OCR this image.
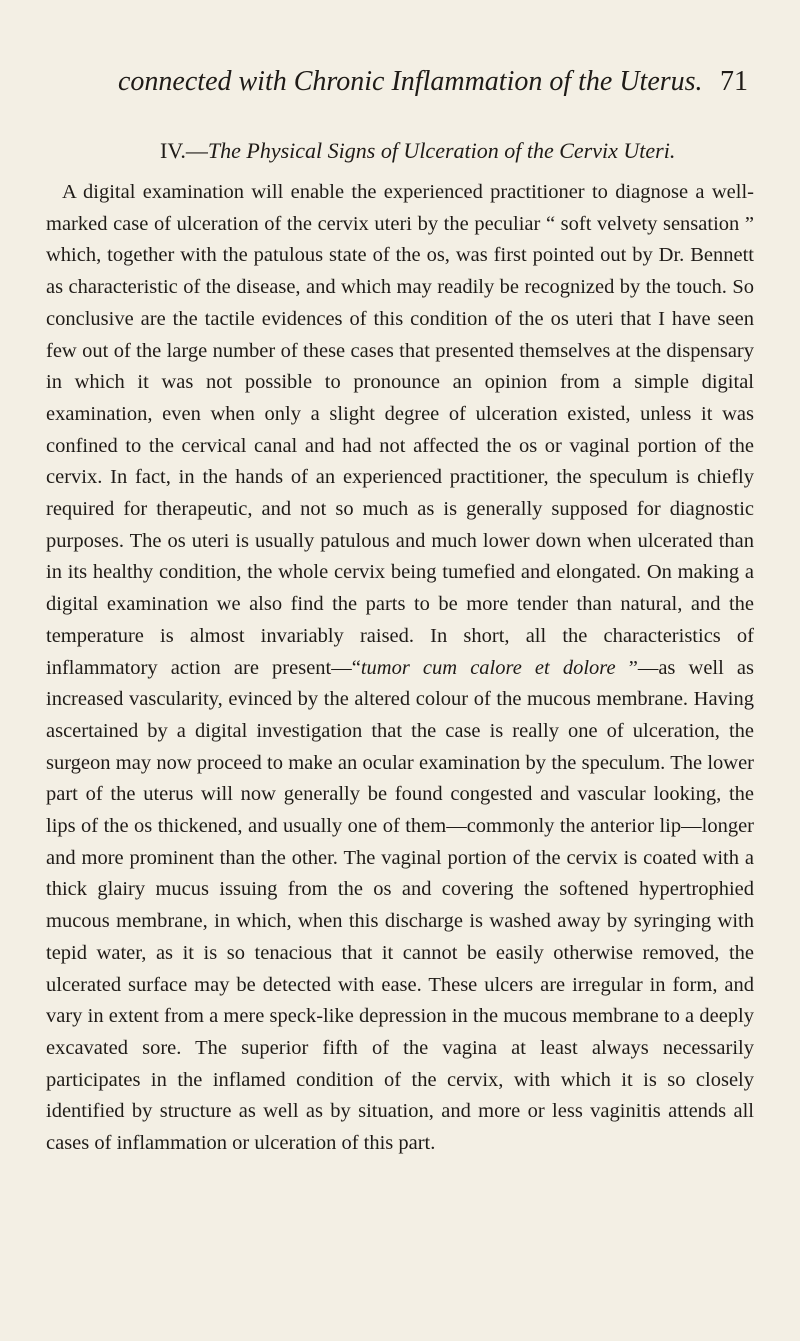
connected with Chronic Inflammation of the Uterus. 71
IV.—The Physical Signs of Ulceration of the Cervix Uteri.

A digital examination will enable the experienced practitioner to diagnose a well-marked case of ulceration of the cervix uteri by the peculiar “ soft velvety sensation ” which, together with the patulous state of the os, was first pointed out by Dr. Bennett as characteristic of the disease, and which may readily be recognized by the touch. So conclusive are the tactile evidences of this condition of the os uteri that I have seen few out of the large number of these cases that presented themselves at the dispensary in which it was not possible to pronounce an opinion from a simple digital examination, even when only a slight degree of ulceration existed, unless it was confined to the cervical canal and had not affected the os or vaginal portion of the cervix. In fact, in the hands of an experienced practitioner, the speculum is chiefly required for therapeutic, and not so much as is generally supposed for diagnostic purposes. The os uteri is usually patulous and much lower down when ulcerated than in its healthy condition, the whole cervix being tumefied and elongated. On making a digital examination we also find the parts to be more tender than natural, and the temperature is almost invariably raised. In short, all the characteristics of inflammatory action are present—“tumor cum calore et dolore ”—as well as increased vascularity, evinced by the altered colour of the mucous membrane. Having ascertained by a digital investigation that the case is really one of ulceration, the surgeon may now proceed to make an ocular examination by the speculum. The lower part of the uterus will now generally be found congested and vascular looking, the lips of the os thickened, and usually one of them—commonly the anterior lip—longer and more prominent than the other. The vaginal portion of the cervix is coated with a thick glairy mucus issuing from the os and covering the softened hypertrophied mucous membrane, in which, when this discharge is washed away by syringing with tepid water, as it is so tenacious that it cannot be easily otherwise removed, the ulcerated surface may be detected with ease. These ulcers are irregular in form, and vary in extent from a mere speck-like depression in the mucous membrane to a deeply excavated sore. The superior fifth of the vagina at least always necessarily participates in the inflamed condition of the cervix, with which it is so closely identified by structure as well as by situation, and more or less vaginitis attends all cases of inflammation or ulceration of this part.
